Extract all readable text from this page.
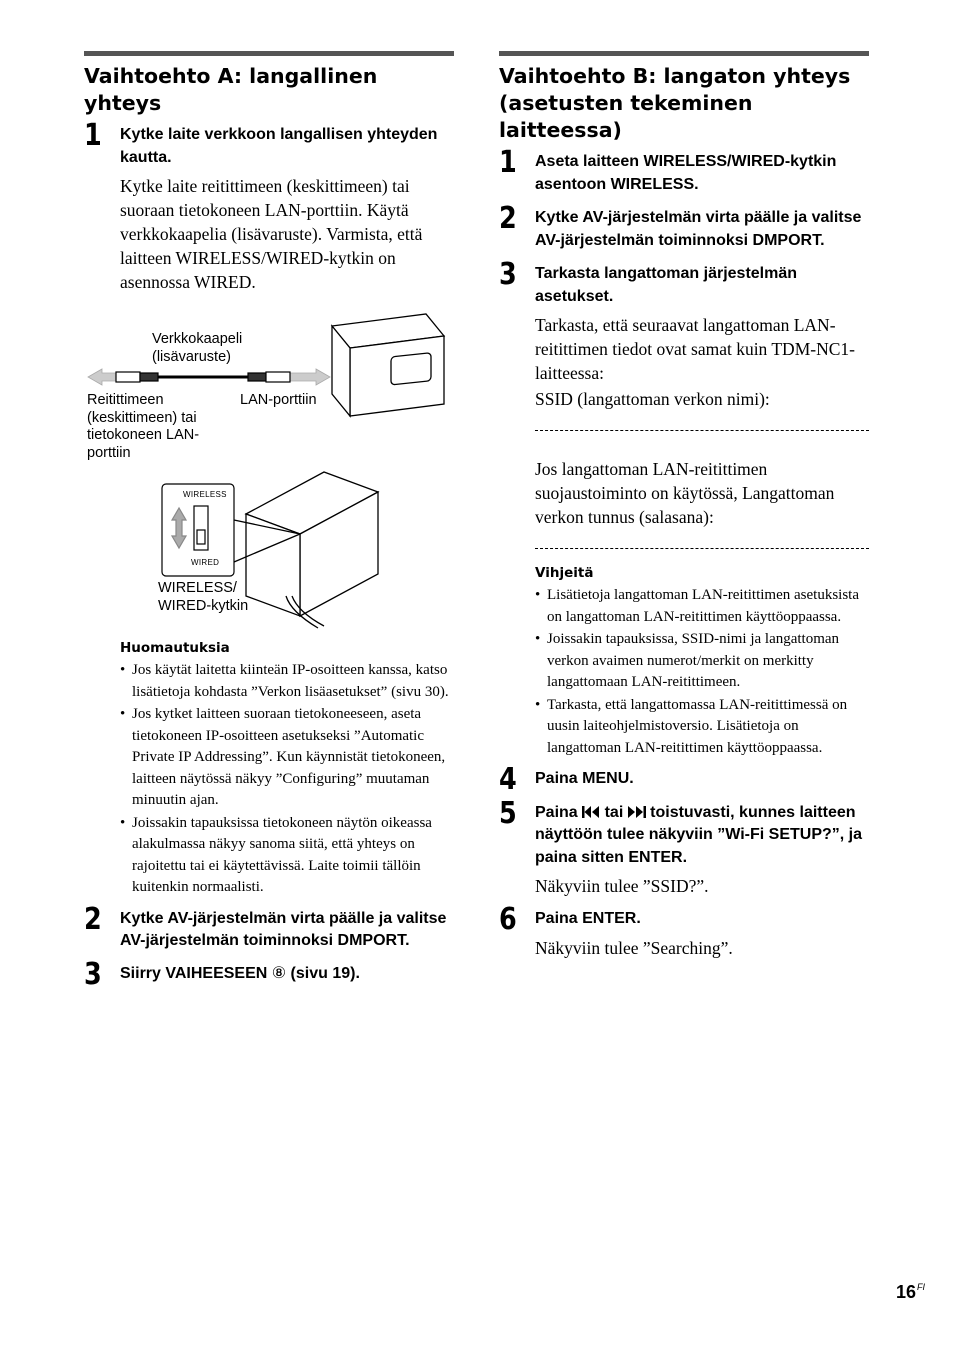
Vaihtoehto A: langallinen yhteys
1 Kytke laite verkkoon langallisen yhteyden kautta.

Kytke laite reitittimeen (keskittimeen) tai suoraan tietokoneen LAN-porttiin. Käytä verkkokaapelia (lisävaruste). Varmista, että laitteen WIRELESS/WIRED-kytkin on asennossa WIRED.

Huomautuksia

• Jos käytät laitetta kiinteän IP-osoitteen kanssa, katso lisätietoja kohdasta ”Verkon lisäasetukset” (sivu 30).
• Jos kytket laitteen suoraan tietokoneeseen, aseta tietokoneen IP-osoitteen asetukseksi ”Automatic Private IP Addressing”. Kun käynnistät tietokoneen, laitteen näytössä näkyy ”Configuring” muutaman minuutin ajan.
• Joissakin tapauksissa tietokoneen näytön oikeassa alakulmassa näkyy sanoma siitä, että yhteys on rajoitettu tai ei käytettävissä. Laite toimii tällöin kuitenkin normaalisti.
2 Kytke AV-järjestelmän virta päälle ja valitse AV-järjestelmän toiminnoksi DMPORT.

3 Siirry VAIHEESEEN ⑧ (sivu 19).

Verkkokaapeli
(lisävaruste)
Reitittimeen
(keskittimeen) tai
tietokoneen LAN-
porttiin
LAN-porttiin
WIRELESS
WIRED
WIRELESS/
WIRED-kytkin
Vaihtoehto B: langaton yhteys (asetusten tekeminen laitteessa)
1 Aseta laitteen WIRELESS/WIRED-kytkin asentoon WIRELESS.

2 Kytke AV-järjestelmän virta päälle ja valitse AV-järjestelmän toiminnoksi DMPORT.

3 Tarkasta langattoman järjestelmän asetukset.

Tarkasta, että seuraavat langattoman LAN-reitittimen tiedot ovat samat kuin TDM-NC1-laitteessa:

SSID (langattoman verkon nimi):

Jos langattoman LAN-reitittimen suojaustoiminto on käytössä, Langattoman verkon tunnus (salasana):

Vihjeitä

• Lisätietoja langattoman LAN-reitittimen asetuksista on langattoman LAN-reitittimen käyttöoppaassa.
• Joissakin tapauksissa, SSID-nimi ja langattoman verkon avaimen numerot/merkit on merkitty langattomaan LAN-reitittimeen.
• Tarkasta, että langattomassa LAN-reitittimessä on uusin laiteohjelmistoversio. Lisätietoja on langattoman LAN-reitittimen käyttöoppaassa.
4 Paina MENU.

5 Paina  tai  toistuvasti, kunnes laitteen näyttöön tulee näkyviin ”Wi-Fi SETUP?”, ja paina sitten ENTER.

Näkyviin tulee ”SSID?”.

6 Paina ENTER.

Näkyviin tulee ”Searching”.

$16^{FI}$
